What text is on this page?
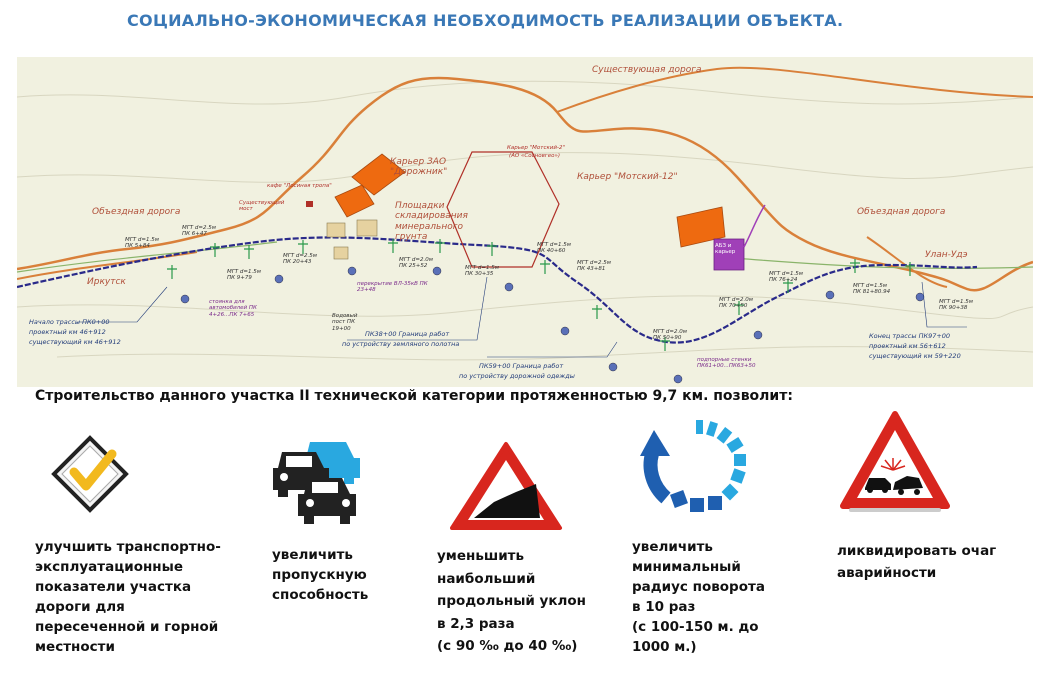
СОЦИАЛЬНО-ЭКОНОМИЧЕСКАЯ НЕОБХОДИМОСТЬ РЕАЛИЗАЦИИ ОБЪЕКТА.
Существующая дорога
Объездная дорога	Объездная дорога
Иркутск
Улан-Удэ
Карьер ЗАО "Дорожник"
Карьер "Мотский-2"
(АО «Сосновгео»)
Карьер "Мотский-12"
Площадки складирования минерального грунта
кафе "Лосиная тропа"
Существующий мост
АБЗ и карьер
Начало трассы ПК0+00
проектный км 46+912
существующий км 46+912
ПК38+00 Граница работ
по устройству земляного полотна
ПК59+00 Граница работ
по устройству дорожной одежды
Конец трассы ПК97+00
проектный км 56+612
существующий км 59+220
МГТ d=1.5м ПК 5+84
МГТ d=2.5м ПК 6+47
МГТ d=1.5м ПК 9+79
МГТ d=2.5м ПК 20+43	МГТ d=2.0м ПК 25+52	МГТ d=1.5м ПК 30+35
МГТ d=1.5м ПК 40+60
МГТ d=2.5м ПК 43+81
МГТ d=2.0м ПК 50+90
МГТ d=2.0м ПК 70+50
МГТ d=1.5м ПК 76+24
МГТ d=1.5м ПК 81+80.94
МГТ d=1.5м ПК 90+38
Водовый пост ПК 19+00
перекрытие ВЛ-35кВ ПК 23+48
стоянка для автомобилей ПК 4+26...ПК 7+65
подпорные стенки ПК61+00...ПК63+50
Строительство данного участка II технической категории протяженностью 9,7 км. позволит:
улучшить транспортно-
эксплуатационные
показатели участка
дороги для
пересеченной и горной
местности
увеличить
пропускную
способность
уменьшить
наибольший
продольный уклон
в 2,3 раза
(с 90 ‰ до 40 ‰)
увеличить
минимальный
радиус поворота
в 10 раз
(с 100-150 м. до
1000 м.)
ликвидировать очаг
аварийности
